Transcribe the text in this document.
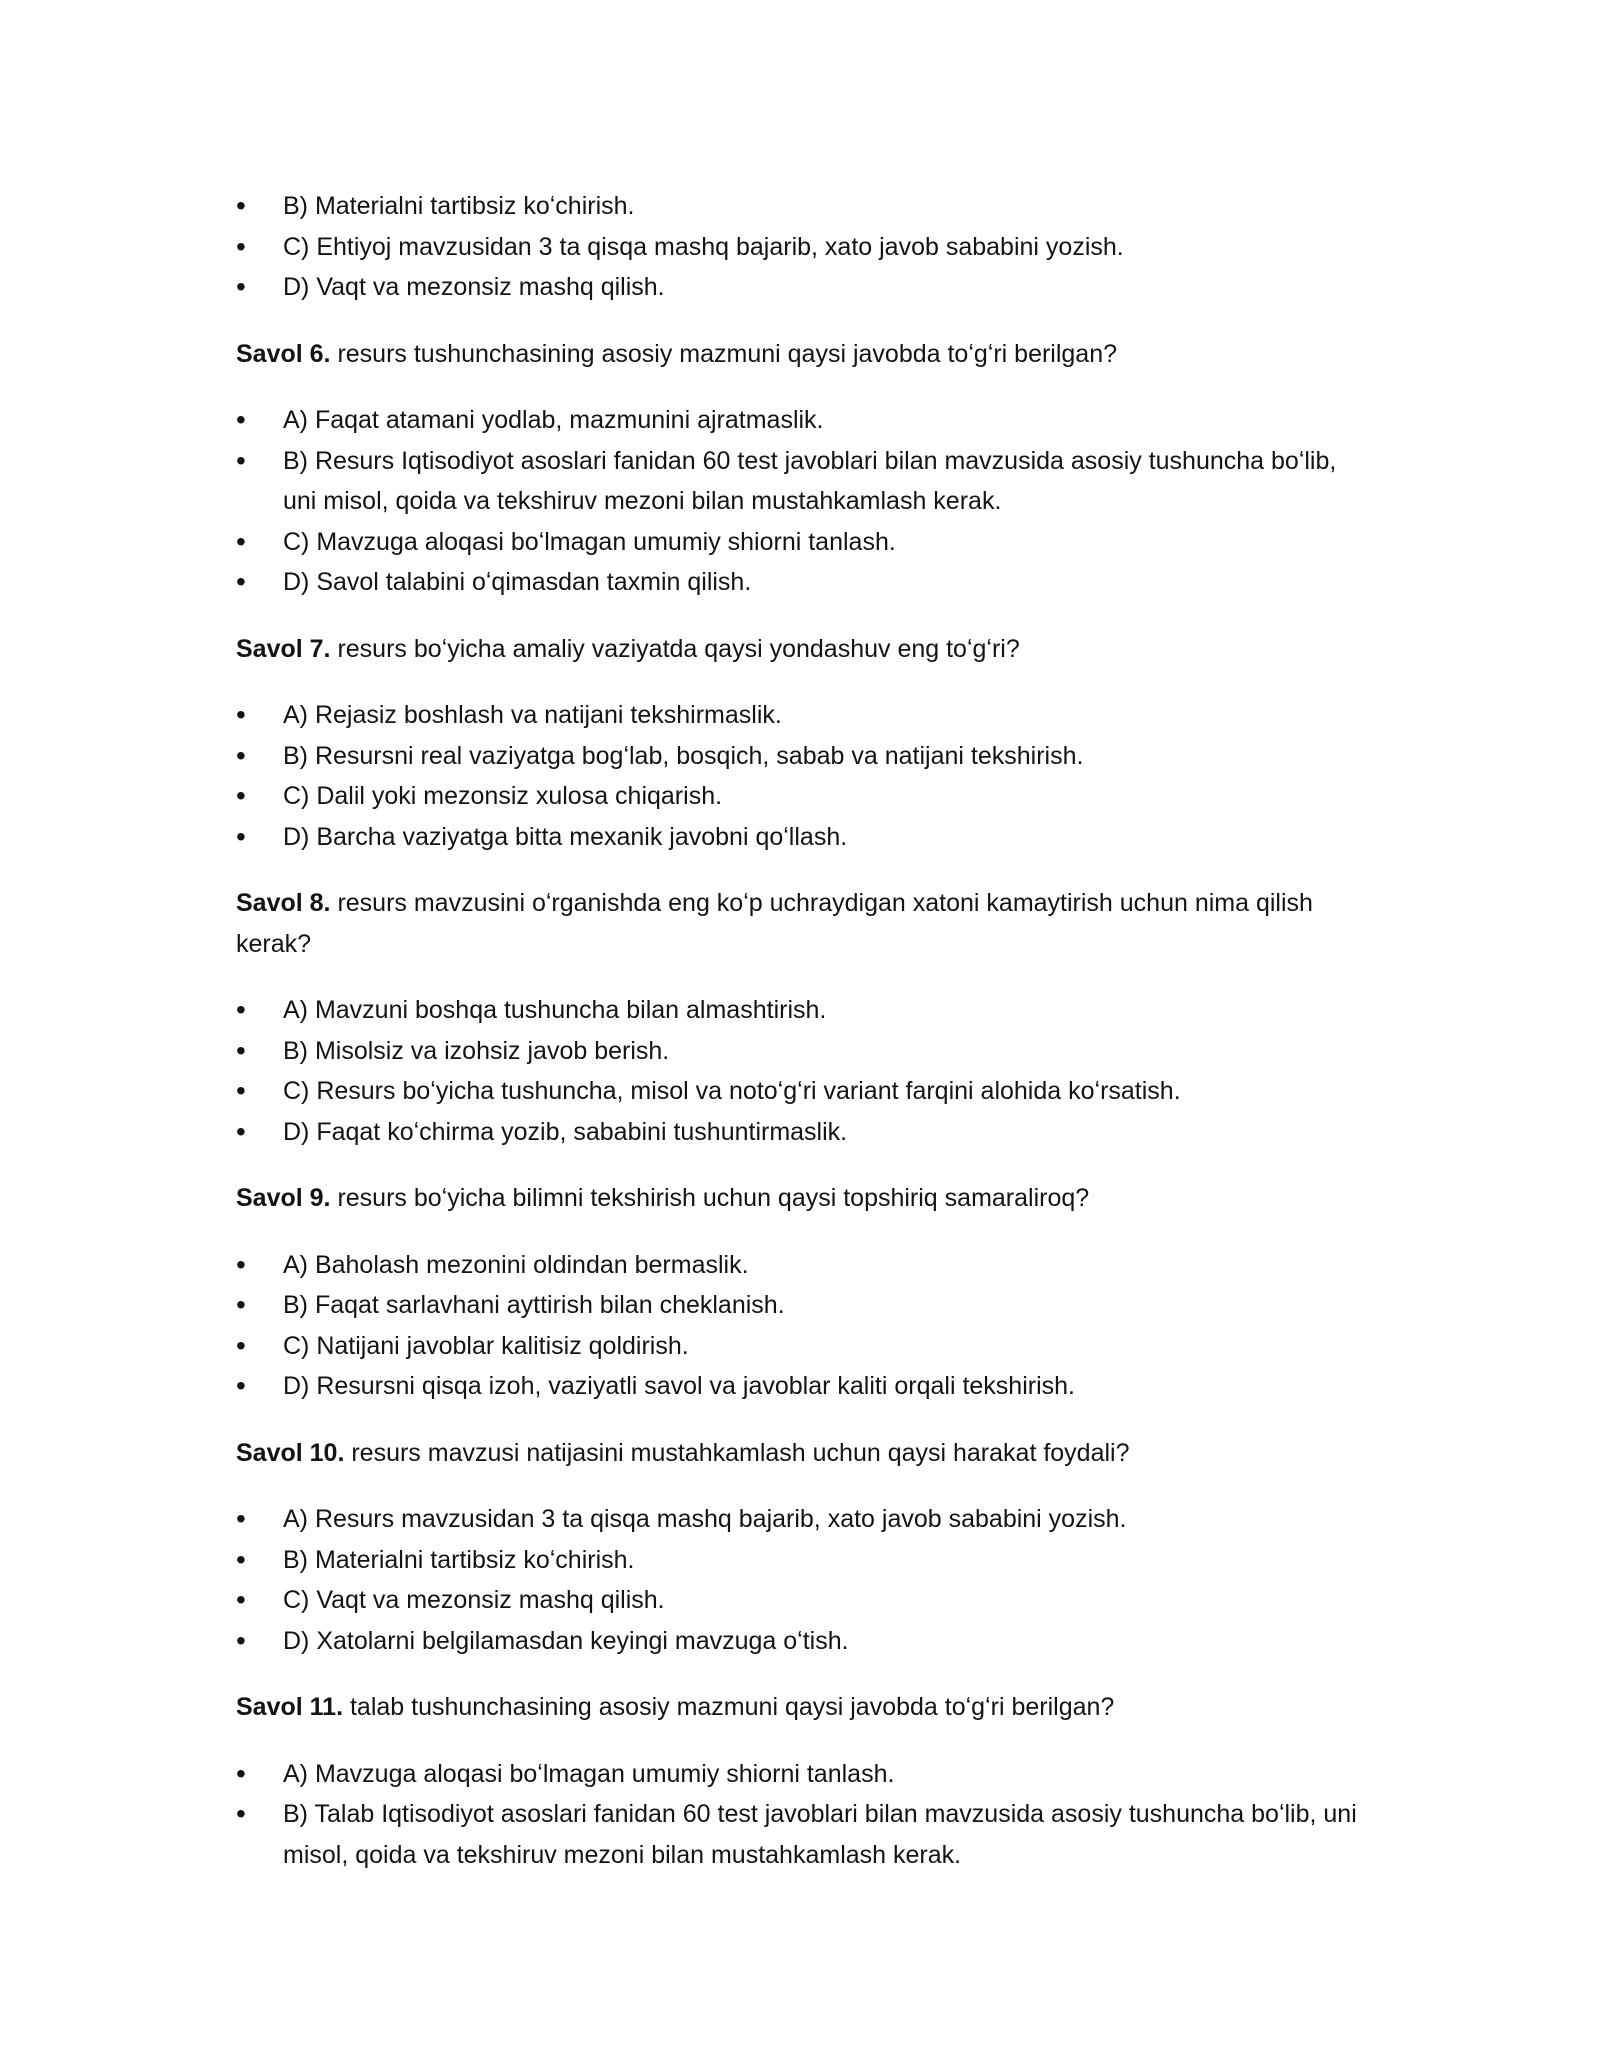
• B) Materialni tartibsiz koʻchirish.
• C) Ehtiyoj mavzusidan 3 ta qisqa mashq bajarib, xato javob sababini yozish.
• D) Vaqt va mezonsiz mashq qilish.

Savol 6. resurs tushunchasining asosiy mazmuni qaysi javobda toʻgʻri berilgan?

• A) Faqat atamani yodlab, mazmunini ajratmaslik.
• B) Resurs Iqtisodiyot asoslari fanidan 60 test javoblari bilan mavzusida asosiy tushuncha boʻlib, uni misol, qoida va tekshiruv mezoni bilan mustahkamlash kerak.
• C) Mavzuga aloqasi boʻlmagan umumiy shiorni tanlash.
• D) Savol talabini oʻqimasdan taxmin qilish.

Savol 7. resurs boʻyicha amaliy vaziyatda qaysi yondashuv eng toʻgʻri?

• A) Rejasiz boshlash va natijani tekshirmaslik.
• B) Resursni real vaziyatga bogʻlab, bosqich, sabab va natijani tekshirish.
• C) Dalil yoki mezonsiz xulosa chiqarish.
• D) Barcha vaziyatga bitta mexanik javobni qoʻllash.

Savol 8. resurs mavzusini oʻrganishda eng koʻp uchraydigan xatoni kamaytirish uchun nima qilish kerak?

• A) Mavzuni boshqa tushuncha bilan almashtirish.
• B) Misolsiz va izohsiz javob berish.
• C) Resurs boʻyicha tushuncha, misol va notoʻgʻri variant farqini alohida koʻrsatish.
• D) Faqat koʻchirma yozib, sababini tushuntirmaslik.

Savol 9. resurs boʻyicha bilimni tekshirish uchun qaysi topshiriq samaraliroq?

• A) Baholash mezonini oldindan bermaslik.
• B) Faqat sarlavhani ayttirish bilan cheklanish.
• C) Natijani javoblar kalitisiz qoldirish.
• D) Resursni qisqa izoh, vaziyatli savol va javoblar kaliti orqali tekshirish.

Savol 10. resurs mavzusi natijasini mustahkamlash uchun qaysi harakat foydali?

• A) Resurs mavzusidan 3 ta qisqa mashq bajarib, xato javob sababini yozish.
• B) Materialni tartibsiz koʻchirish.
• C) Vaqt va mezonsiz mashq qilish.
• D) Xatolarni belgilamasdan keyingi mavzuga oʻtish.

Savol 11. talab tushunchasining asosiy mazmuni qaysi javobda toʻgʻri berilgan?

• A) Mavzuga aloqasi boʻlmagan umumiy shiorni tanlash.
• B) Talab Iqtisodiyot asoslari fanidan 60 test javoblari bilan mavzusida asosiy tushuncha boʻlib, uni misol, qoida va tekshiruv mezoni bilan mustahkamlash kerak.
